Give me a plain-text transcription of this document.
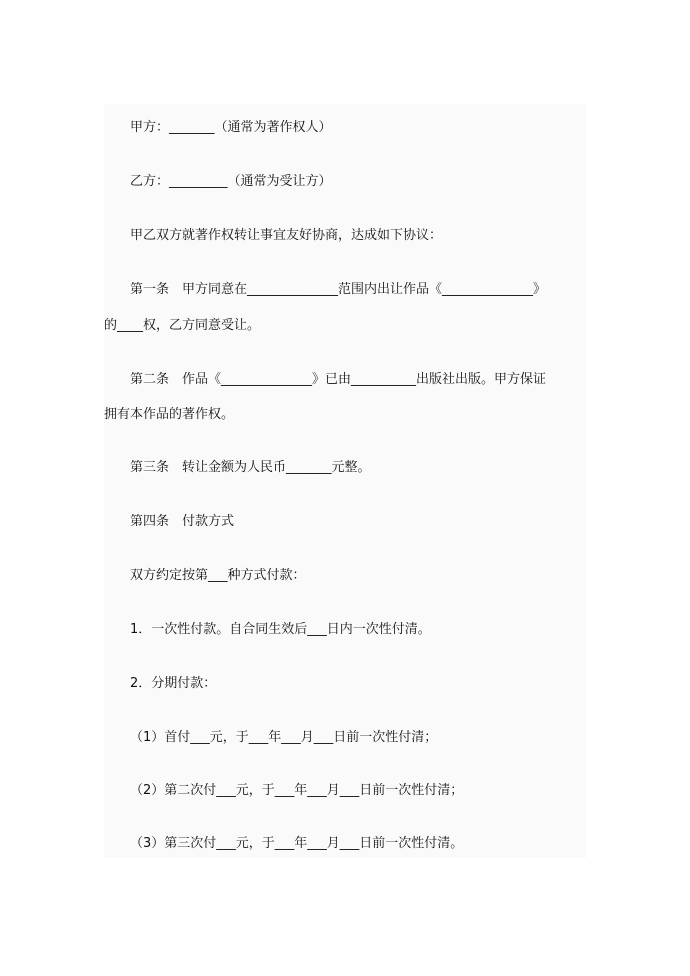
甲方：_______（通常为著作权人）

乙方：_________（通常为受让方）

甲乙双方就著作权转让事宜友好协商，达成如下协议：

第一条　甲方同意在______________范围内出让作品《______________》

的____权，乙方同意受让。

第二条　作品《______________》已由__________出版社出版。甲方保证

拥有本作品的著作权。

第三条　转让金额为人民币_______元整。

第四条　付款方式

双方约定按第___种方式付款：

1．一次性付款。自合同生效后___日内一次性付清。

2．分期付款：

（1）首付___元，于___年___月___日前一次性付清；

（2）第二次付___元，于___年___月___日前一次性付清；

（3）第三次付___元，于___年___月___日前一次性付清。
